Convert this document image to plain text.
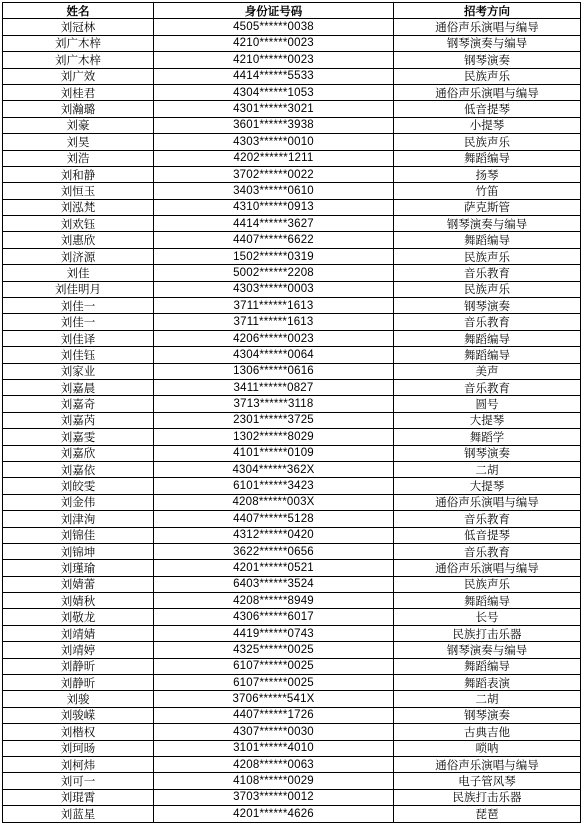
姓名	身份证号码	招考方向
刘冠林	4505******0038	通俗声乐演唱与编导
刘广木梓	4210******0023	钢琴演奏与编导
刘广木梓	4210******0023	钢琴演奏
刘广效	4414******5533	民族声乐
刘桂君	4304******1053	通俗声乐演唱与编导
刘瀚璐	4301******3021	低音提琴
刘豪	3601******3938	小提琴
刘昊	4303******0010	民族声乐
刘浩	4202******1211	舞蹈编导
刘和静	3702******0022	扬琴
刘恒玉	3403******0610	竹笛
刘泓梵	4310******0913	萨克斯管
刘欢钰	4414******3627	钢琴演奏与编导
刘惠欣	4407******6622	舞蹈编导
刘济源	1502******0319	民族声乐
刘佳	5002******2208	音乐教育
刘佳明月	4303******0003	民族声乐
刘佳一	3711******1613	钢琴演奏
刘佳一	3711******1613	音乐教育
刘佳译	4206******0023	舞蹈编导
刘佳钰	4304******0064	舞蹈编导
刘家业	1306******0616	美声
刘嘉晨	3411******0827	音乐教育
刘嘉奇	3713******3118	圆号
刘嘉芮	2301******3725	大提琴
刘嘉雯	1302******8029	舞蹈学
刘嘉欣	4101******0109	钢琴演奏
刘嘉依	4304******362X	二胡
刘皎雯	6101******3423	大提琴
刘金伟	4208******003X	通俗声乐演唱与编导
刘津洵	4407******5128	音乐教育
刘锦佳	4312******0420	低音提琴
刘锦坤	3622******0656	音乐教育
刘瑾瑜	4201******0521	通俗声乐演唱与编导
刘婧蕾	6403******3524	民族声乐
刘婧秋	4208******8949	舞蹈编导
刘敬龙	4306******6017	长号
刘靖婧	4419******0743	民族打击乐器
刘靖婷	4325******0025	钢琴演奏与编导
刘静昕	6107******0025	舞蹈编导
刘静昕	6107******0025	舞蹈表演
刘骏	3706******541X	二胡
刘骏嵘	4407******1726	钢琴演奏
刘楷权	4307******0030	古典吉他
刘珂旸	3101******4010	唢呐
刘柯炜	4208******0063	通俗声乐演唱与编导
刘可一	4108******0029	电子管风琴
刘琨霄	3703******0012	民族打击乐器
刘蓝星	4201******4626	琵琶
